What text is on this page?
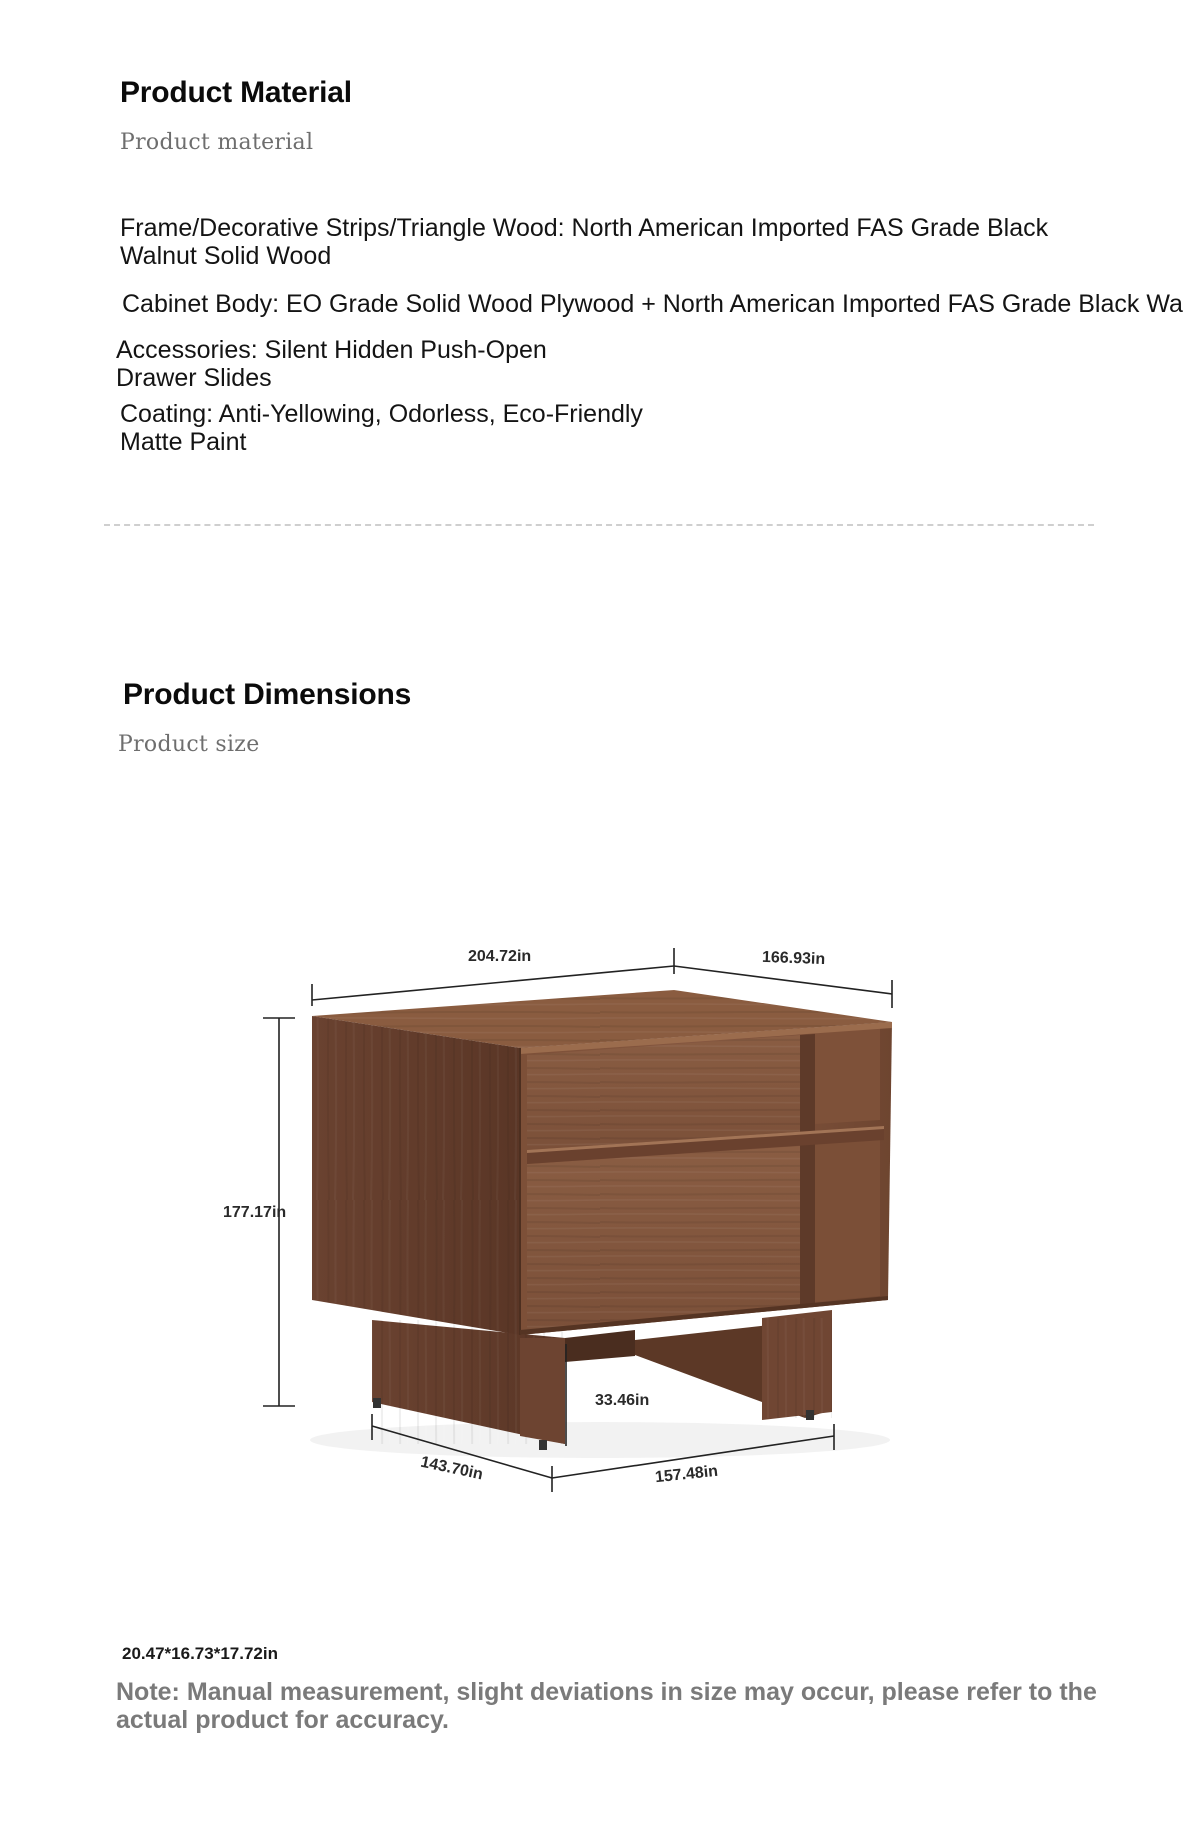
Product Material
Product material
Frame/Decorative Strips/Triangle Wood: North American Imported FAS Grade Black
Walnut Solid Wood
Cabinet Body: EO Grade Solid Wood Plywood + North American Imported FAS Grade Black Wa
Accessories: Silent Hidden Push-Open
Drawer Slides
Coating: Anti-Yellowing, Odorless, Eco-Friendly
Matte Paint
Product Dimensions
Product size
204.72in	166.93in
177.17in
33.46in
143.70in	157.48in
20.47*16.73*17.72in
Note: Manual measurement, slight deviations in size may occur, please refer to the actual product for accuracy.
